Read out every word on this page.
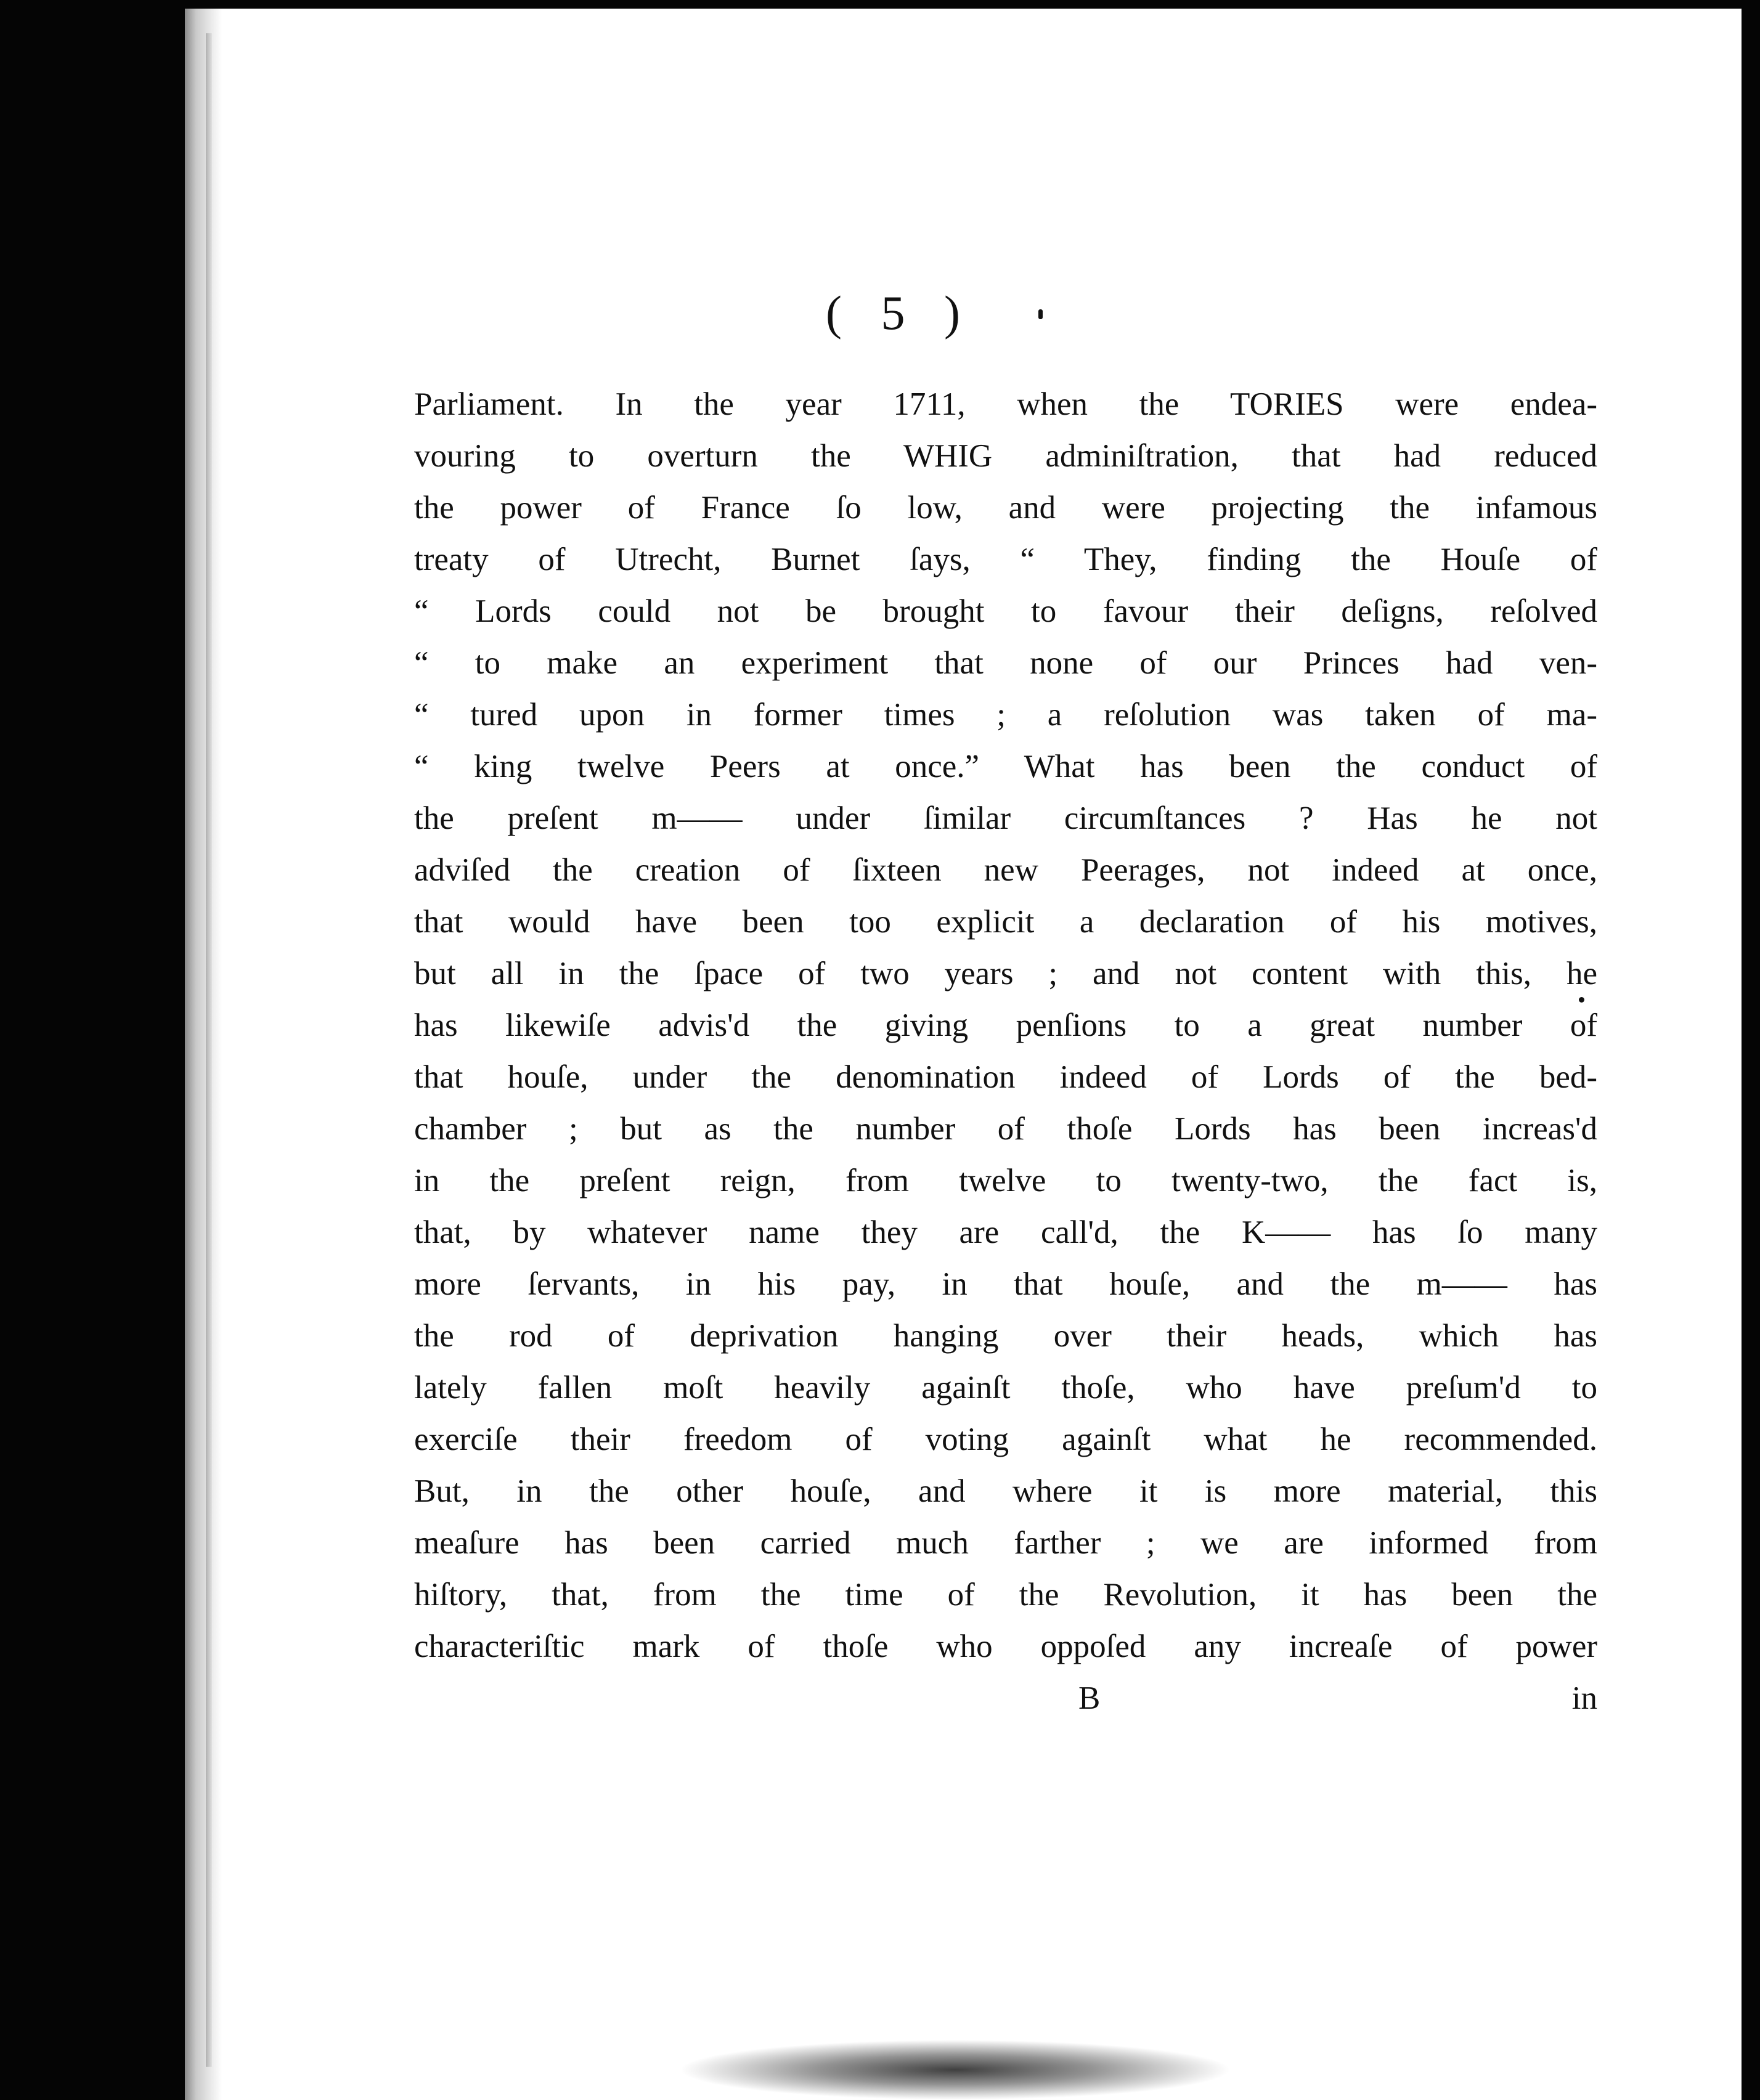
( 5 )
Parliament. In the year 1711, when the TORIES were endea-
vouring to overturn the WHIG adminiſtration, that had reduced
the power of France ſo low, and were projecting the infamous
treaty of Utrecht, Burnet ſays, “ They, finding the Houſe of
“ Lords could not be brought to favour their deſigns, reſolved
“ to make an experiment that none of our Princes had ven-
“ tured upon in former times ; a reſolution was taken of ma-
“ king twelve Peers at once.” What has been the conduct of
the preſent m—— under ſimilar circumſtances ? Has he not
adviſed the creation of ſixteen new Peerages, not indeed at once,
that would have been too explicit a declaration of his motives,
but all in the ſpace of two years ; and not content with this, he
has likewiſe advis'd the giving penſions to a great number of
that houſe, under the denomination indeed of Lords of the bed-
chamber ; but as the number of thoſe Lords has been increas'd
in the preſent reign, from twelve to twenty-two, the fact is,
that, by whatever name they are call'd, the K—— has ſo many
more ſervants, in his pay, in that houſe, and the m—— has
the rod of deprivation hanging over their heads, which has
lately fallen moſt heavily againſt thoſe, who have preſum'd to
exerciſe their freedom of voting againſt what he recommended.
But, in the other houſe, and where it is more material, this
meaſure has been carried much farther ; we are informed from
hiſtory, that, from the time of the Revolution, it has been the
characteriſtic mark of thoſe who oppoſed any increaſe of power
B	in
